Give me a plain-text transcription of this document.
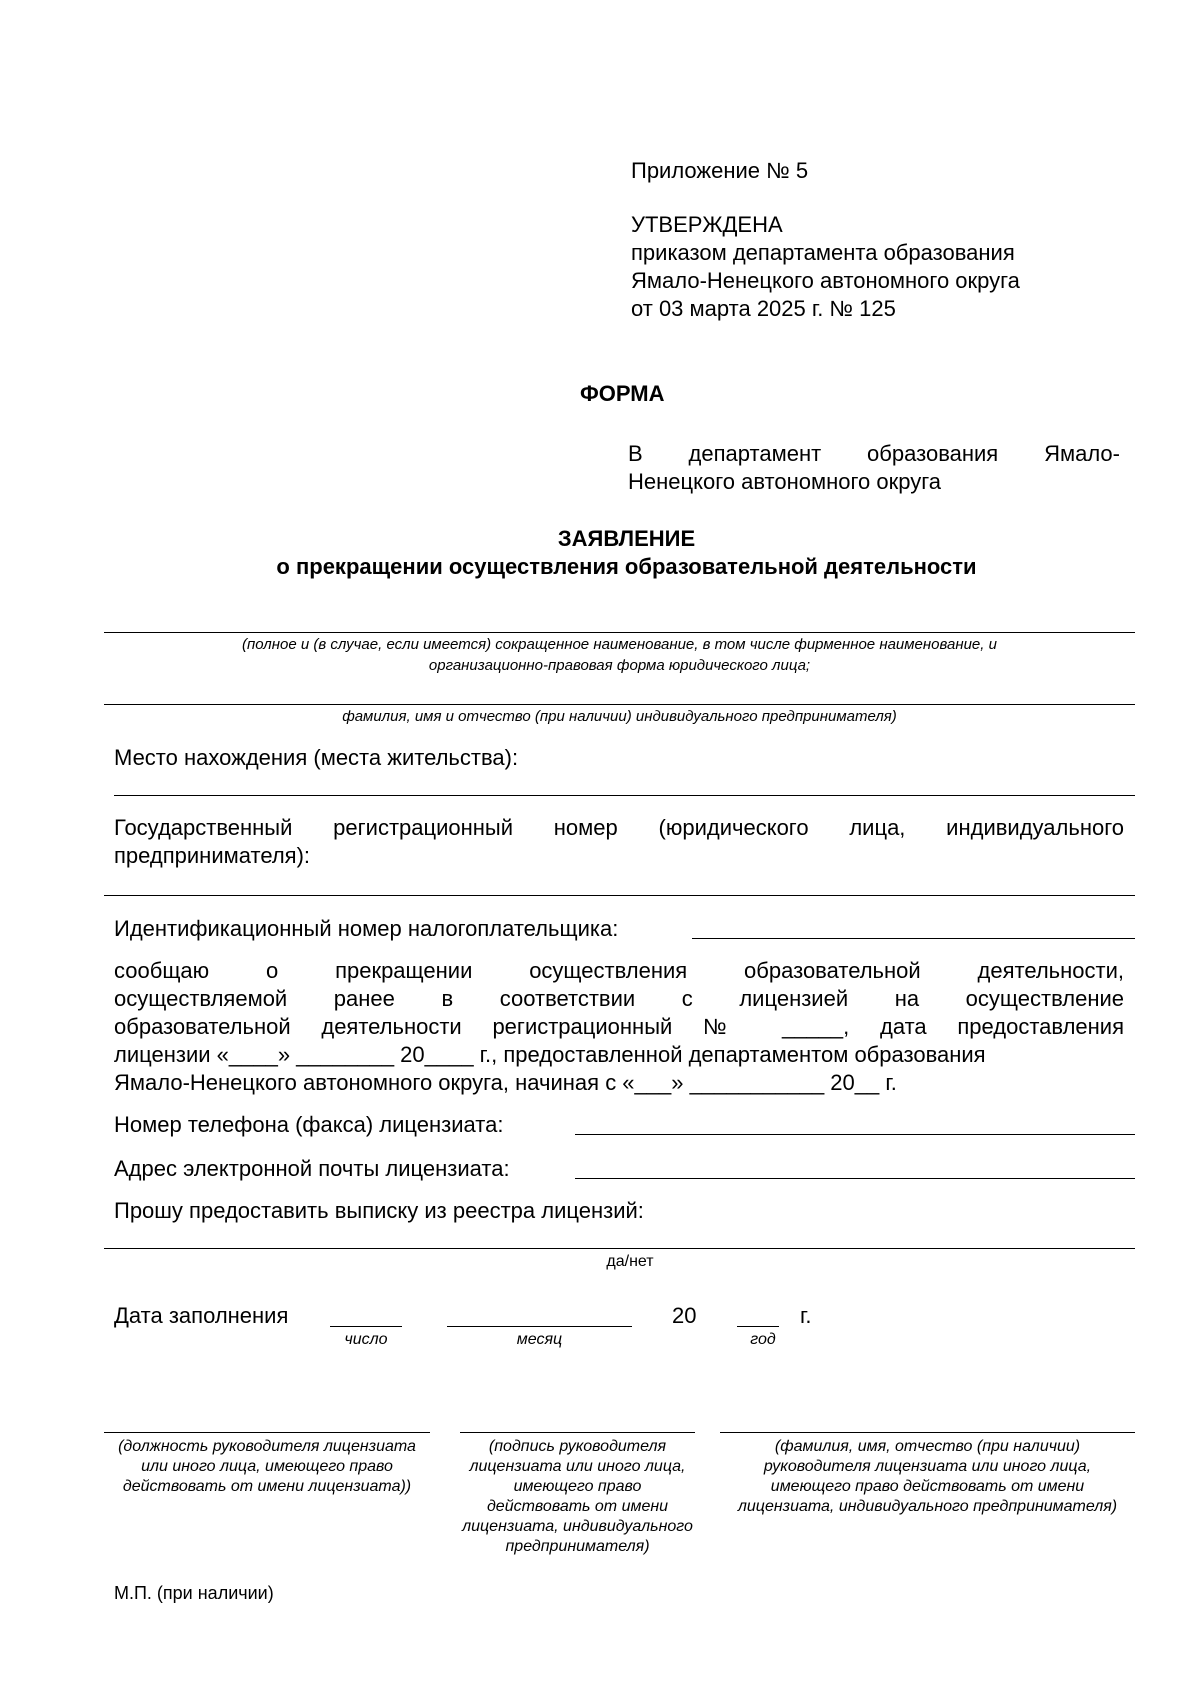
Приложение № 5
УТВЕРЖДЕНА
приказом департамента образования
Ямало-Ненецкого автономного округа
от 03 марта 2025 г. № 125
ФОРМА
В департамент образования Ямало-
Ненецкого автономного округа
ЗАЯВЛЕНИЕ
о прекращении осуществления образовательной деятельности
(полное и (в случае, если имеется) сокращенное наименование, в том числе фирменное наименование, и
организационно-правовая форма юридического лица;
фамилия, имя и отчество (при наличии) индивидуального предпринимателя)
Место нахождения (места жительства):
Государственный регистрационный номер (юридического лица, индивидуального
предпринимателя):
Идентификационный номер налогоплательщика:
сообщаю о прекращении осуществления образовательной деятельности,
осуществляемой ранее в соответствии с лицензией на осуществление
образовательной деятельности регистрационный № _____, дата предоставления
лицензии «____» ________ 20____ г., предоставленной департаментом образования
Ямало-Ненецкого автономного округа, начиная с «___» ___________ 20__ г.
Номер телефона (факса) лицензиата:
Адрес электронной почты лицензиата:
Прошу предоставить выписку из реестра лицензий:
да/нет
Дата заполнения	20	г.
число	месяц	год
(должность руководителя лицензиата или иного лица, имеющего право действовать от имени лицензиата))
(подпись руководителя лицензиата или иного лица, имеющего право действовать от имени лицензиата, индивидуального предпринимателя)
(фамилия, имя, отчество (при наличии) руководителя лицензиата или иного лица, имеющего право действовать от имени лицензиата, индивидуального предпринимателя)
М.П. (при наличии)
